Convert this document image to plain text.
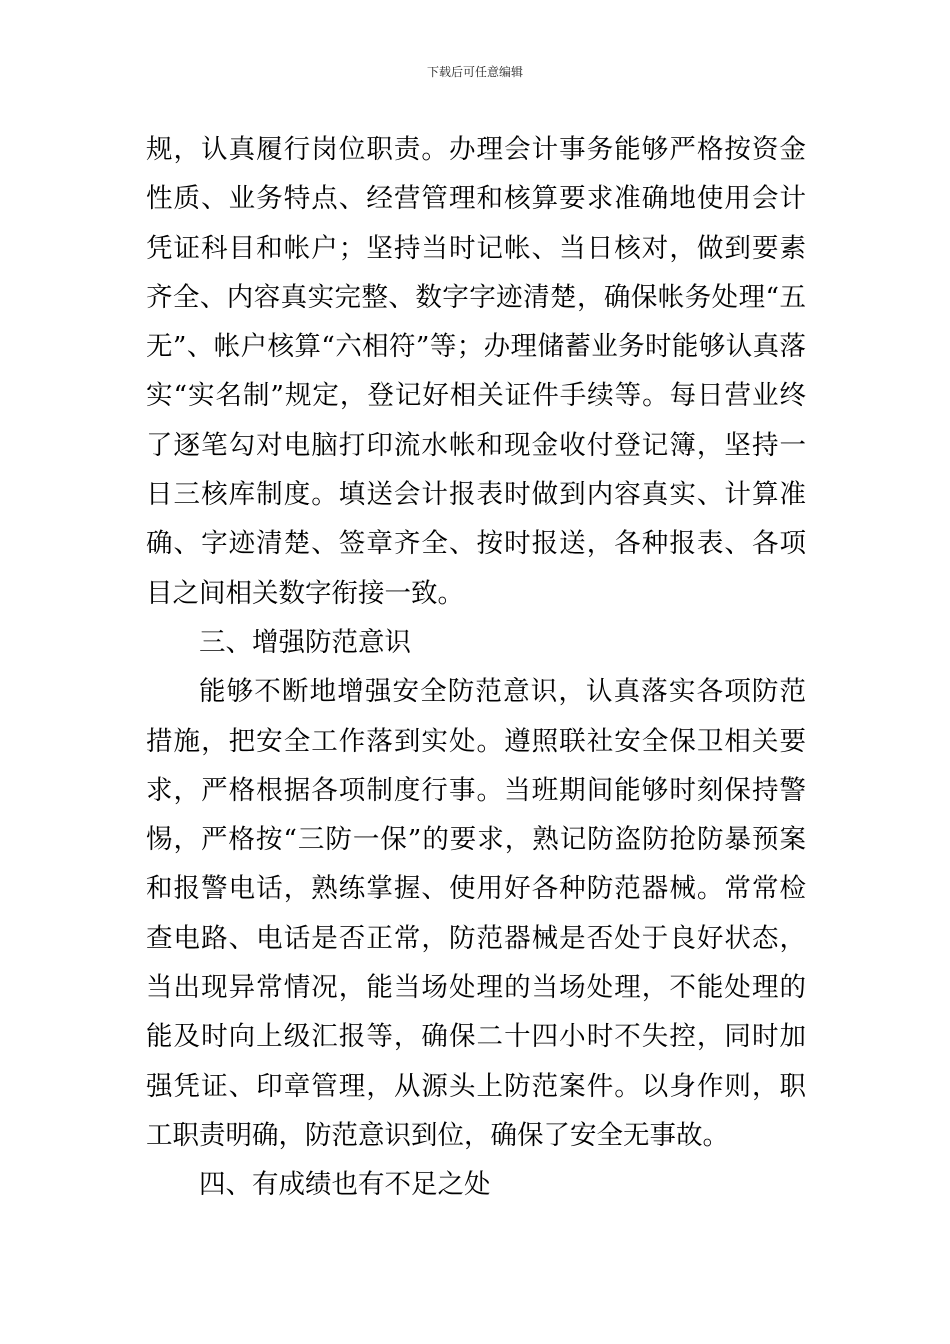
下载后可任意编辑

规，认真履行岗位职责。办理会计事务能够严格按资金性质、业务特点、经营管理和核算要求准确地使用会计凭证科目和帐户；坚持当时记帐、当日核对，做到要素齐全、内容真实完整、数字字迹清楚，确保帐务处理“五无”、帐户核算“六相符”等；办理储蓄业务时能够认真落实“实名制”规定，登记好相关证件手续等。每日营业终了逐笔勾对电脑打印流水帐和现金收付登记簿，坚持一日三核库制度。填送会计报表时做到内容真实、计算准确、字迹清楚、签章齐全、按时报送，各种报表、各项目之间相关数字衔接一致。

三、增强防范意识

能够不断地增强安全防范意识，认真落实各项防范措施，把安全工作落到实处。遵照联社安全保卫相关要求，严格根据各项制度行事。当班期间能够时刻保持警惕，严格按“三防一保”的要求，熟记防盗防抢防暴预案和报警电话，熟练掌握、使用好各种防范器械。常常检查电路、电话是否正常，防范器械是否处于良好状态，当出现异常情况，能当场处理的当场处理，不能处理的能及时向上级汇报等，确保二十四小时不失控，同时加强凭证、印章管理，从源头上防范案件。以身作则，职工职责明确，防范意识到位，确保了安全无事故。

四、有成绩也有不足之处
